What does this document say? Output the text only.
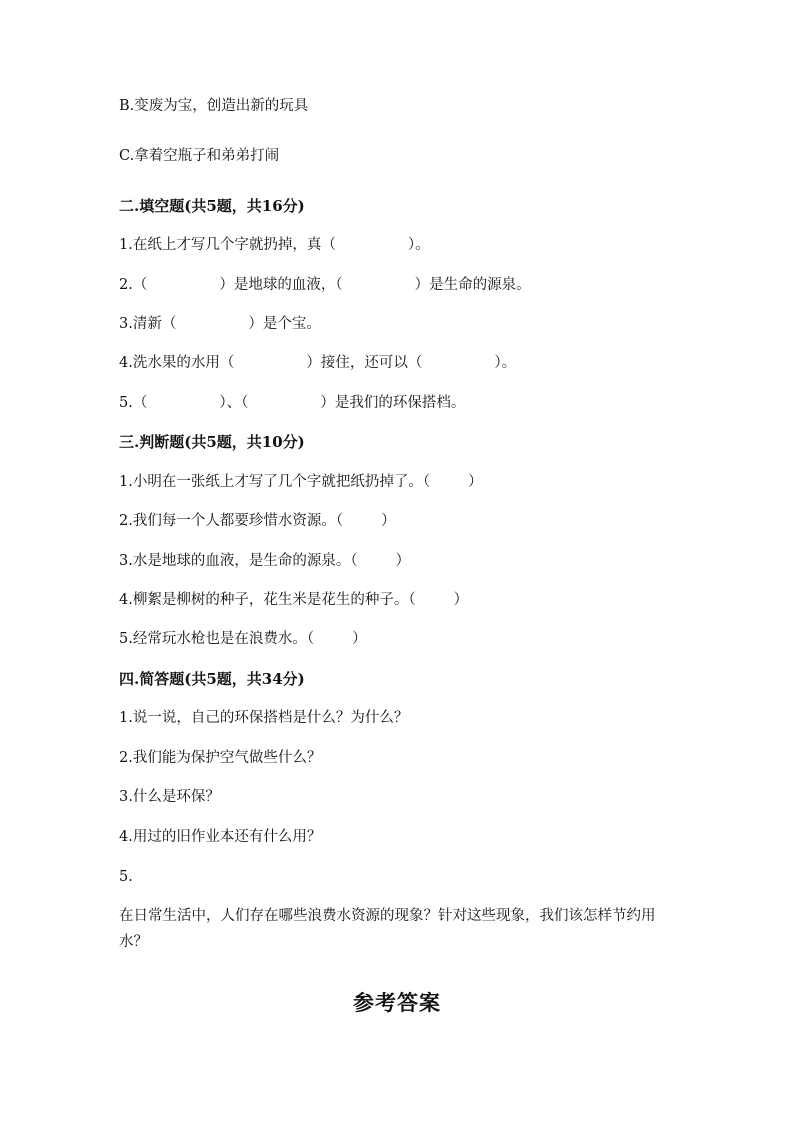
B.变废为宝，创造出新的玩具
C.拿着空瓶子和弟弟打闹
二.填空题(共5题，共16分)
1.在纸上才写几个字就扔掉，真（	）。
2.（	）是地球的血液，（	）是生命的源泉。
3.清新（	）是个宝。
4.洗水果的水用（	）接住，还可以（	）。
5.（	）、（	）是我们的环保搭档。
三.判断题(共5题，共10分)
1.小明在一张纸上才写了几个字就把纸扔掉了。（	）
2.我们每一个人都要珍惜水资源。（	）
3.水是地球的血液，是生命的源泉。（	）
4.柳絮是柳树的种子，花生米是花生的种子。（	）
5.经常玩水枪也是在浪费水。（	）
四.简答题(共5题，共34分)
1.说一说，自己的环保搭档是什么？为什么？
2.我们能为保护空气做些什么？
3.什么是环保？
4.用过的旧作业本还有什么用？
5.
在日常生活中，人们存在哪些浪费水资源的现象？针对这些现象，我们该怎样节约用水？
参考答案
